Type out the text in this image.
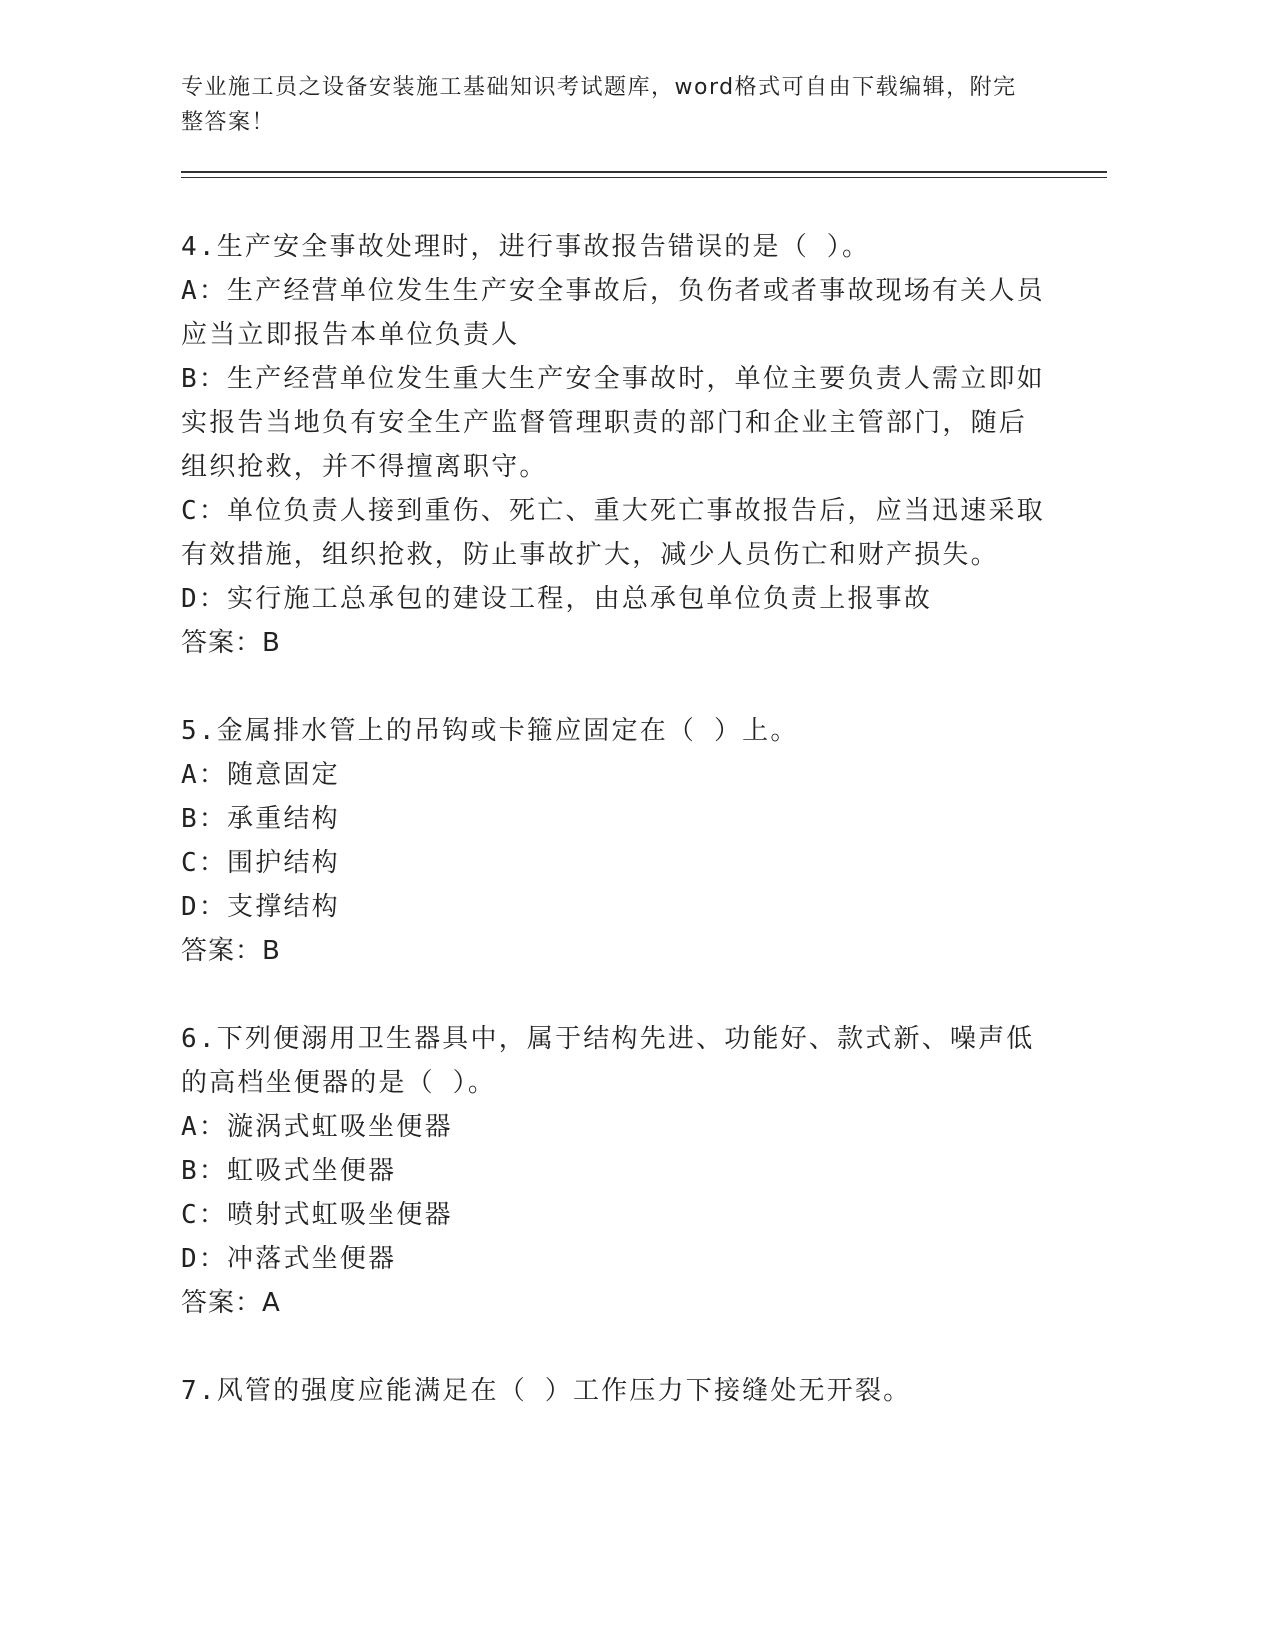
专业施工员之设备安装施工基础知识考试题库，word格式可自由下载编辑，附完
整答案！
4.生产安全事故处理时，进行事故报告错误的是（ ）。
A：生产经营单位发生生产安全事故后，负伤者或者事故现场有关人员
应当立即报告本单位负责人
B：生产经营单位发生重大生产安全事故时，单位主要负责人需立即如
实报告当地负有安全生产监督管理职责的部门和企业主管部门，随后
组织抢救，并不得擅离职守。
C：单位负责人接到重伤、死亡、重大死亡事故报告后，应当迅速采取
有效措施，组织抢救，防止事故扩大，减少人员伤亡和财产损失。
D：实行施工总承包的建设工程，由总承包单位负责上报事故
答案：B
5.金属排水管上的吊钩或卡箍应固定在（ ）上。
A：随意固定
B：承重结构
C：围护结构
D：支撑结构
答案：B
6.下列便溺用卫生器具中，属于结构先进、功能好、款式新、噪声低
的高档坐便器的是（ ）。
A：漩涡式虹吸坐便器
B：虹吸式坐便器
C：喷射式虹吸坐便器
D：冲落式坐便器
答案：A
7.风管的强度应能满足在（ ）工作压力下接缝处无开裂。
